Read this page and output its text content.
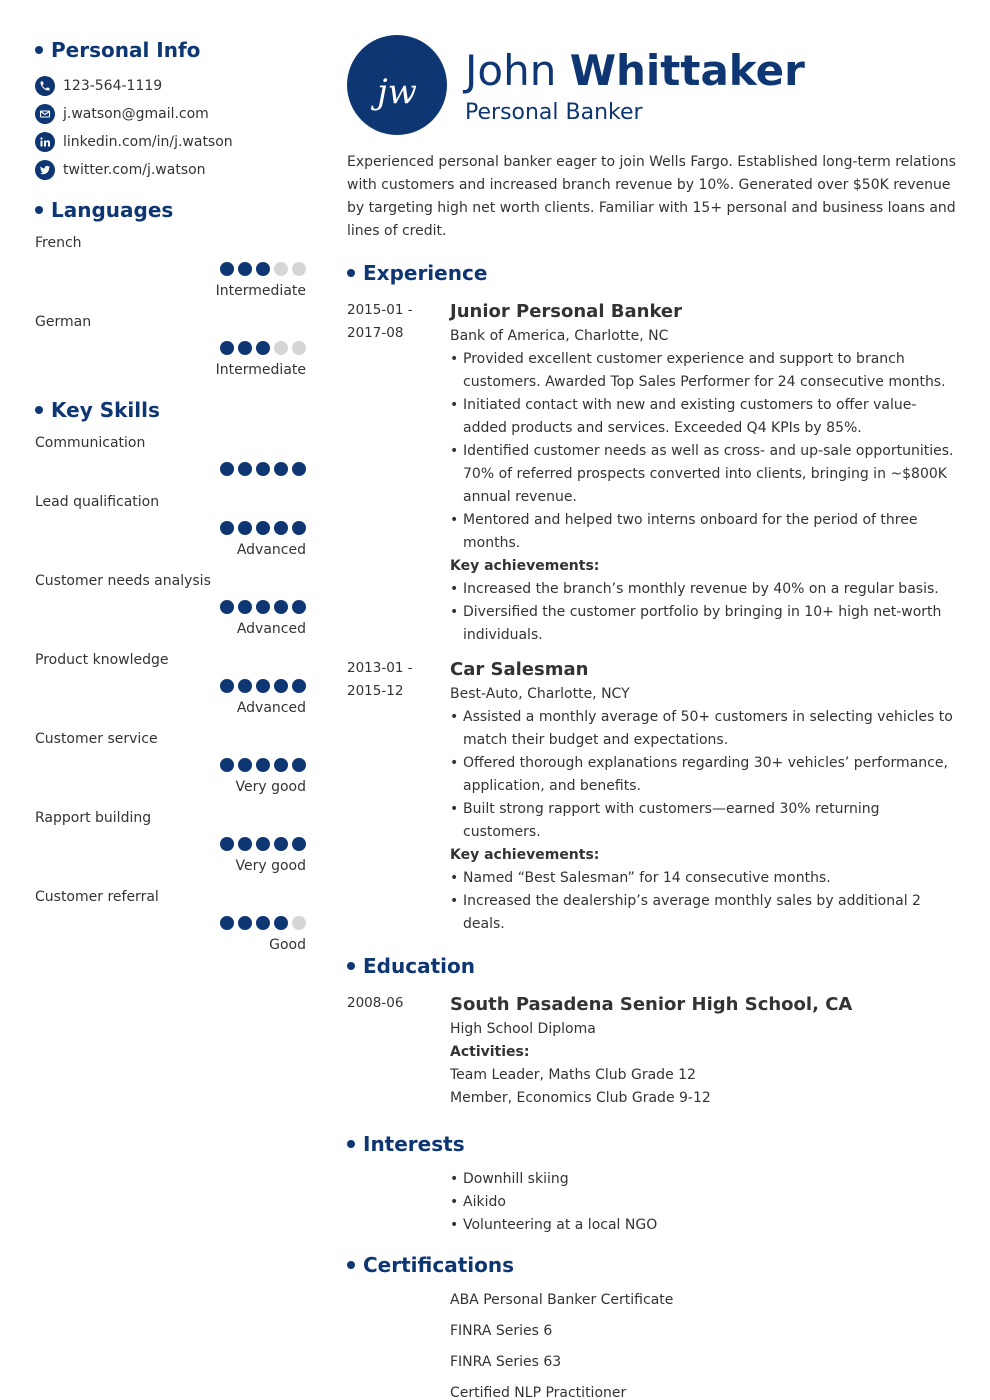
Personal Info
123-564-1119
j.watson@gmail.com
linkedin.com/in/j.watson
twitter.com/j.watson
Languages
French
Intermediate
German
Intermediate
Key Skills
Communication
Lead qualification
Advanced
Customer needs analysis
Advanced
Product knowledge
Advanced
Customer service
Very good
Rapport building
Very good
Customer referral
Good
jw John Whittaker
Personal Banker

Experienced personal banker eager to join Wells Fargo. Established long-term relations with customers and increased branch revenue by 10%. Generated over $50K revenue by targeting high net worth clients. Familiar with 15+ personal and business loans and lines of credit.

Experience
2015-01 -
2017-08
Junior Personal Banker
Bank of America, Charlotte, NC
• Provided excellent customer experience and support to branch customers. Awarded Top Sales Performer for 24 consecutive months.
• Initiated contact with new and existing customers to offer value-added products and services. Exceeded Q4 KPIs by 85%.
• Identified customer needs as well as cross- and up-sale opportunities. 70% of referred prospects converted into clients, bringing in ~$800K annual revenue.
• Mentored and helped two interns onboard for the period of three months.
Key achievements:
• Increased the branch’s monthly revenue by 40% on a regular basis.
• Diversified the customer portfolio by bringing in 10+ high net-worth individuals.
2013-01 -
2015-12
Car Salesman
Best-Auto, Charlotte, NCY
• Assisted a monthly average of 50+ customers in selecting vehicles to match their budget and expectations.
• Offered thorough explanations regarding 30+ vehicles’ performance, application, and benefits.
• Built strong rapport with customers—earned 30% returning customers.
Key achievements:
• Named “Best Salesman” for 14 consecutive months.
• Increased the dealership’s average monthly sales by additional 2 deals.
Education
2008-06	South Pasadena Senior High School, CA
High School Diploma
Activities:
Team Leader, Maths Club Grade 12
Member, Economics Club Grade 9-12
Interests
• Downhill skiing
• Aikido
• Volunteering at a local NGO
Certifications
ABA Personal Banker Certificate
FINRA Series 6
FINRA Series 63
Certified NLP Practitioner
